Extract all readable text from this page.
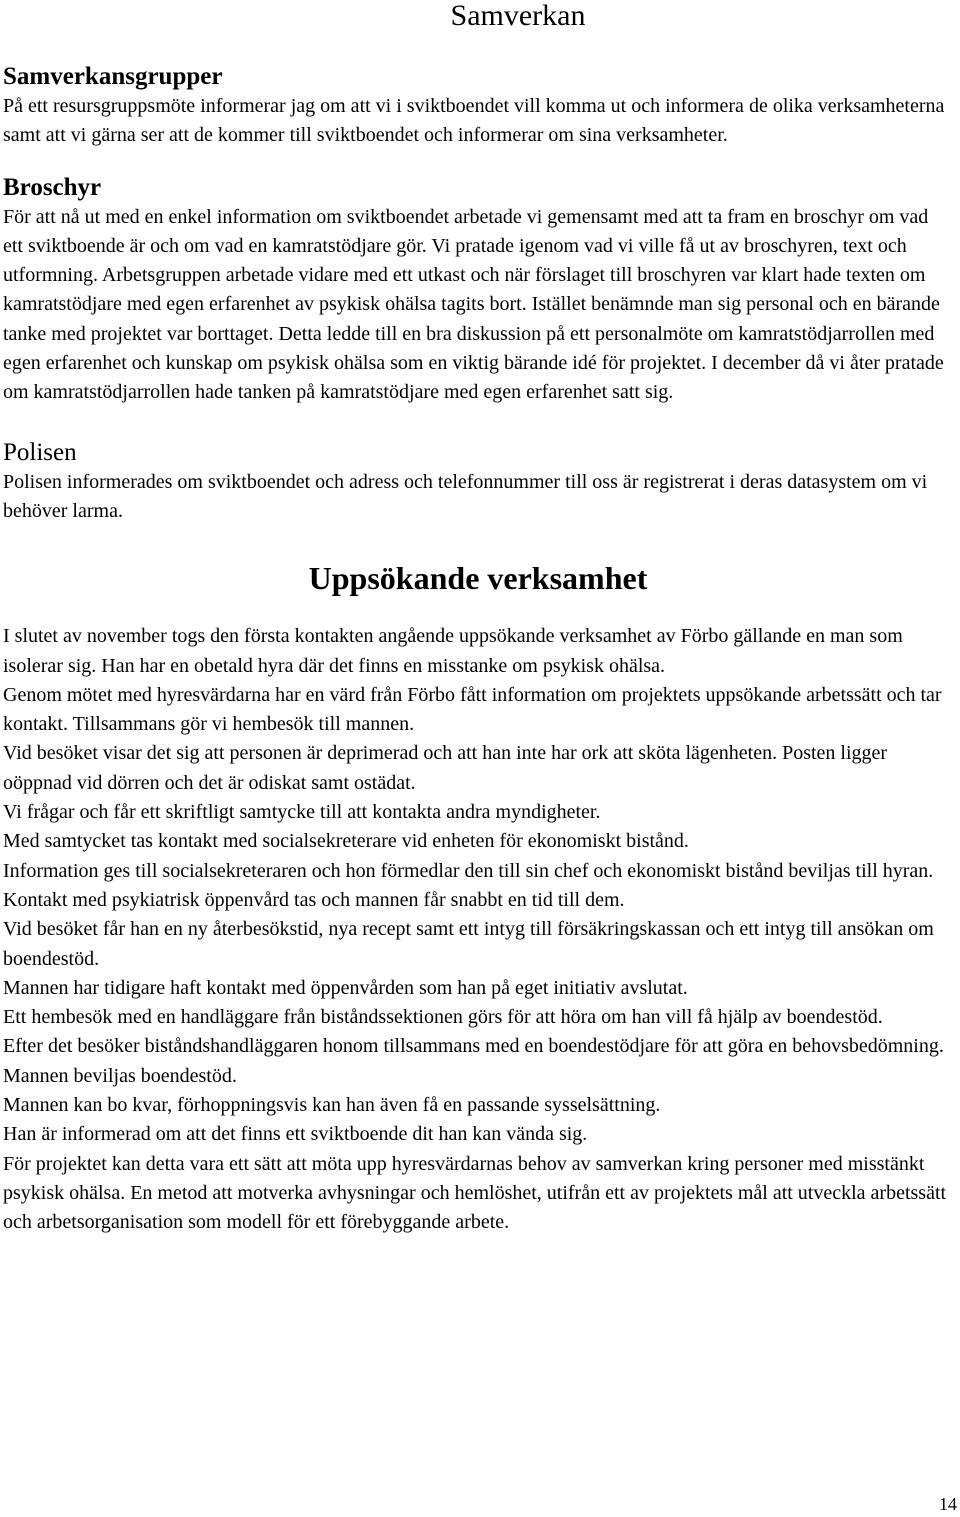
Samverkan
Samverkansgrupper

På ett resursgruppsmöte informerar jag om att vi i sviktboendet vill komma ut och informera de olika verksamheterna samt att vi gärna ser att de kommer till sviktboendet och informerar om sina verksamheter.

Broschyr

För att nå ut med en enkel information om sviktboendet arbetade vi gemensamt med att ta fram en broschyr om vad ett sviktboende är och om vad en kamratstödjare gör. Vi pratade igenom vad vi ville få ut av broschyren, text och utformning. Arbetsgruppen arbetade vidare med ett utkast och när förslaget till broschyren var klart hade texten om kamratstödjare med egen erfarenhet av psykisk ohälsa tagits bort. Istället benämnde man sig personal och en bärande tanke med projektet var borttaget. Detta ledde till en bra diskussion på ett personalmöte om kamratstödjarrollen med egen erfarenhet och kunskap om psykisk ohälsa som en viktig bärande idé för projektet. I december då vi åter pratade om kamratstödjarrollen hade tanken på kamratstödjare med egen erfarenhet satt sig.

Polisen

Polisen informerades om sviktboendet och adress och telefonnummer till oss är registrerat i deras datasystem om vi behöver larma.

Uppsökande verksamhet

I slutet av november togs den första kontakten angående uppsökande verksamhet av Förbo gällande en man som isolerar sig. Han har en obetald hyra där det finns en misstanke om psykisk ohälsa.

Genom mötet med hyresvärdarna har en värd från Förbo fått information om projektets uppsökande arbetssätt och tar kontakt. Tillsammans gör vi hembesök till mannen.

Vid besöket visar det sig att personen är deprimerad och att han inte har ork att sköta lägenheten. Posten ligger oöppnad vid dörren och det är odiskat samt ostädat.

Vi frågar och får ett skriftligt samtycke till att kontakta andra myndigheter.

Med samtycket tas kontakt med socialsekreterare vid enheten för ekonomiskt bistånd.

Information ges till socialsekreteraren och hon förmedlar den till sin chef och ekonomiskt bistånd beviljas till hyran.

Kontakt med psykiatrisk öppenvård tas och mannen får snabbt en tid till dem.

Vid besöket får han en ny återbesökstid, nya recept samt ett intyg till försäkringskassan och ett intyg till ansökan om boendestöd.

Mannen har tidigare haft kontakt med öppenvården som han på eget initiativ avslutat.

Ett hembesök med en handläggare från biståndssektionen görs för att höra om han vill få hjälp av boendestöd.

Efter det besöker biståndshandläggaren honom tillsammans med en boendestödjare för att göra en behovsbedömning. Mannen beviljas boendestöd.

Mannen kan bo kvar, förhoppningsvis kan han även få en passande sysselsättning.

Han är informerad om att det finns ett sviktboende dit han kan vända sig.

För projektet kan detta vara ett sätt att möta upp hyresvärdarnas behov av samverkan kring personer med misstänkt psykisk ohälsa. En metod att motverka avhysningar och hemlöshet, utifrån ett av projektets mål att utveckla arbetssätt och arbetsorganisation som modell för ett förebyggande arbete.

14
